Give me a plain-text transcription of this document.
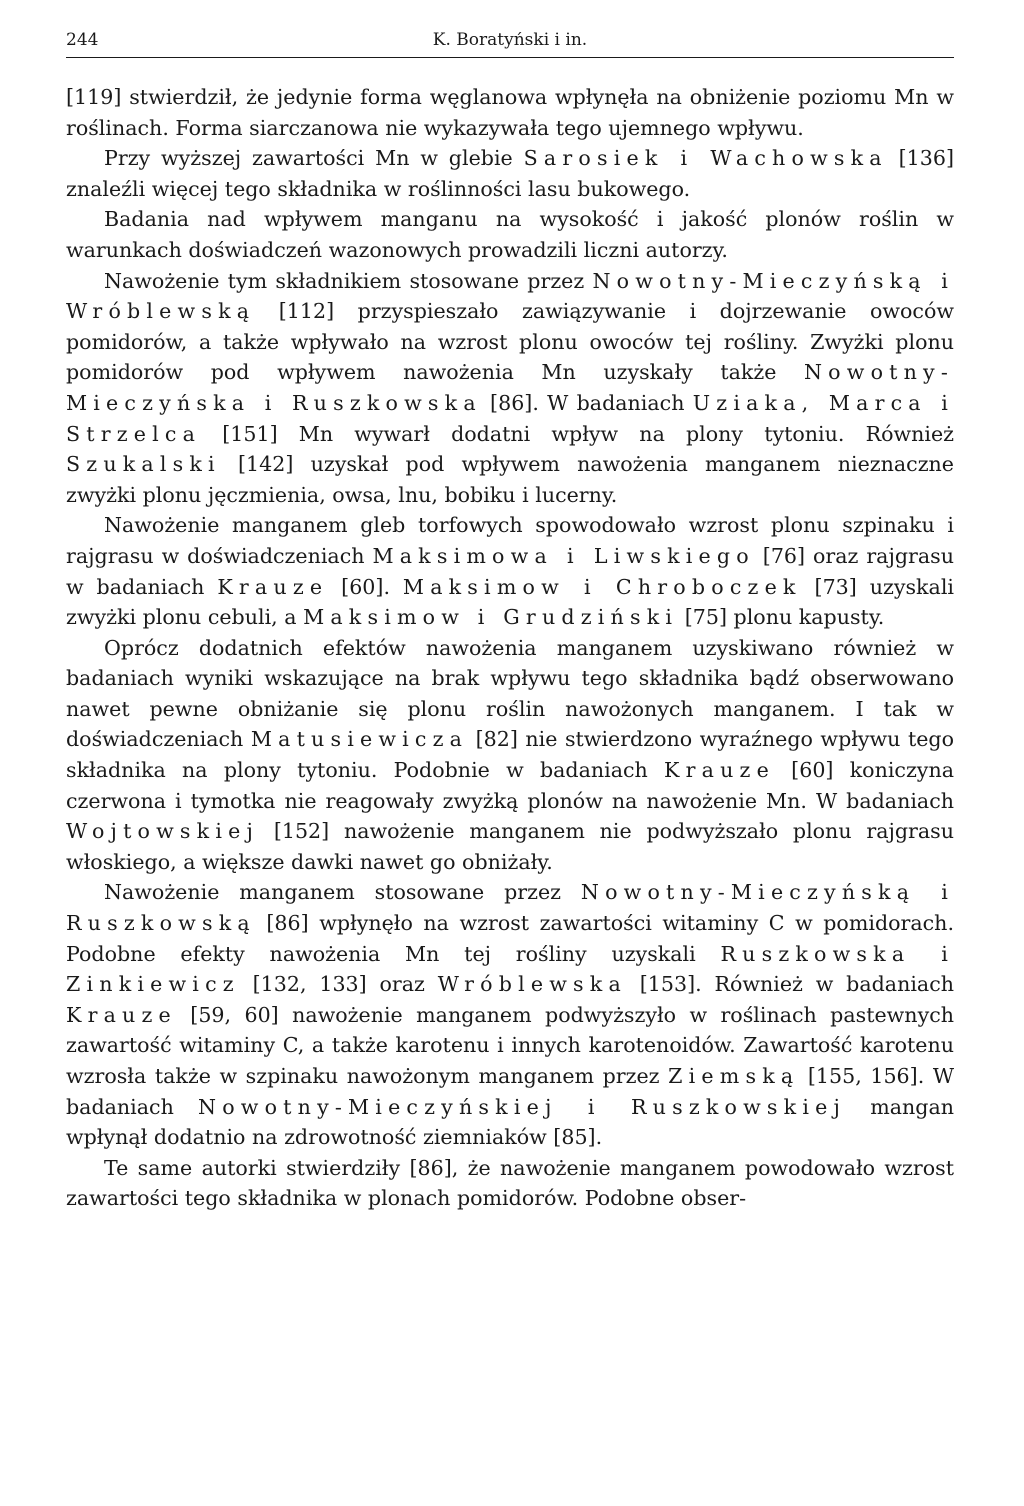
244	K. Boratyński i in.

[119] stwierdził, że jedynie forma węglanowa wpłynęła na obniżenie poziomu Mn w roślinach. Forma siarczanowa nie wykazywała tego ujemnego wpływu.

Przy wyższej zawartości Mn w glebie Sarosiek i Wachowska [136] znaleźli więcej tego składnika w roślinności lasu bukowego.

Badania nad wpływem manganu na wysokość i jakość plonów roślin w warunkach doświadczeń wazonowych prowadzili liczni autorzy.

Nawożenie tym składnikiem stosowane przez Nowotny-Mieczyńską i Wróblewską [112] przyspieszało zawiązywanie i dojrzewanie owoców pomidorów, a także wpływało na wzrost plonu owoców tej rośliny. Zwyżki plonu pomidorów pod wpływem nawożenia Mn uzyskały także Nowotny-Mieczyńska i Ruszkowska [86]. W badaniach Uziaka, Marca i Strzelca [151] Mn wywarł dodatni wpływ na plony tytoniu. Również Szukalski [142] uzyskał pod wpływem nawożenia manganem nieznaczne zwyżki plonu jęczmienia, owsa, lnu, bobiku i lucerny.

Nawożenie manganem gleb torfowych spowodowało wzrost plonu szpinaku i rajgrasu w doświadczeniach Maksimowa i Liwskiego [76] oraz rajgrasu w badaniach Krauze [60]. Maksimow i Chroboczek [73] uzyskali zwyżki plonu cebuli, a Maksimow i Grudziński [75] plonu kapusty.

Oprócz dodatnich efektów nawożenia manganem uzyskiwano również w badaniach wyniki wskazujące na brak wpływu tego składnika bądź obserwowano nawet pewne obniżanie się plonu roślin nawożonych manganem. I tak w doświadczeniach Matusiewicza [82] nie stwierdzono wyraźnego wpływu tego składnika na plony tytoniu. Podobnie w badaniach Krauze [60] koniczyna czerwona i tymotka nie reagowały zwyżką plonów na nawożenie Mn. W badaniach Wojtowskiej [152] nawożenie manganem nie podwyższało plonu rajgrasu włoskiego, a większe dawki nawet go obniżały.

Nawożenie manganem stosowane przez Nowotny-Mieczyńską i Ruszkowską [86] wpłynęło na wzrost zawartości witaminy C w pomidorach. Podobne efekty nawożenia Mn tej rośliny uzyskali Ruszkowska i Zinkiewicz [132, 133] oraz Wróblewska [153]. Również w badaniach Krauze [59, 60] nawożenie manganem podwyższyło w roślinach pastewnych zawartość witaminy C, a także karotenu i innych karotenoidów. Zawartość karotenu wzrosła także w szpinaku nawożonym manganem przez Ziemską [155, 156]. W badaniach Nowotny-Mieczyńskiej i Ruszkowskiej mangan wpłynął dodatnio na zdrowotność ziemniaków [85].

Te same autorki stwierdziły [86], że nawożenie manganem powodowało wzrost zawartości tego składnika w plonach pomidorów. Podobne obser-
